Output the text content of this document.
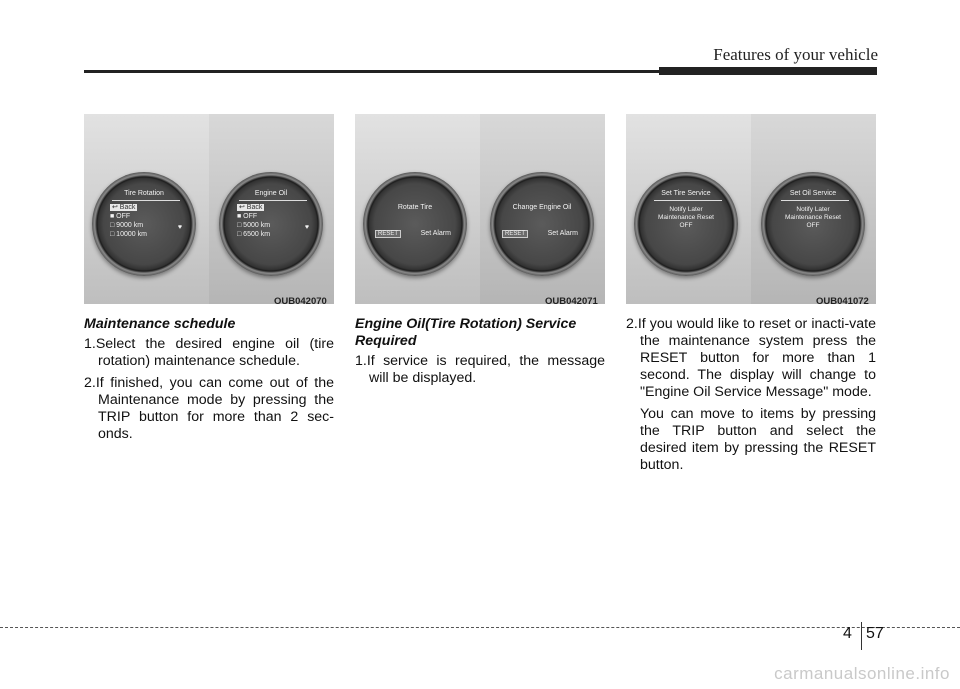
Features of your vehicle
Tire Rotation
↩ Back
■ OFF
□ 9000 km
□ 10000 km
♥
Engine Oil
↩ Back
■ OFF
□ 5000 km
□ 6500 km
♥
OUB042070
Rotate Tire
RESET	Set Alarm
Change Engine Oil
RESET	Set Alarm
OUB042071
Set Tire Service
Notify Later
Maintenance Reset
OFF
Set Oil Service
Notify Later
Maintenance Reset
OFF
OUB041072
Maintenance schedule
1.Select the desired engine oil (tire rotation) maintenance schedule.
2.If finished, you can come out of the Maintenance mode by pressing the TRIP button for more than 2 sec-onds.
Engine Oil(Tire Rotation) Service Required
1.If service is required, the message will be displayed.
2.If you would like to reset or inacti-vate the maintenance system press the RESET button for more than 1 second. The display will change to "Engine Oil Service Message" mode.
You can move to items by pressing the TRIP button and select the desired item by pressing the RESET button.
4 57
carmanualsonline.info
